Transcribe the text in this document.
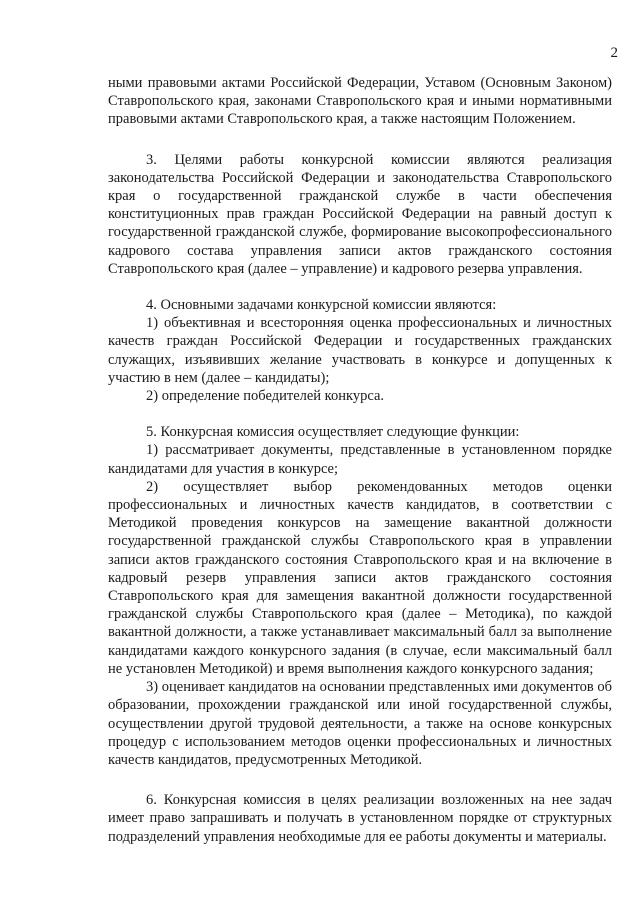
2

ными правовыми актами Российской Федерации, Уставом (Основным Законом) Ставропольского края, законами Ставропольского края и иными нормативными правовыми актами Ставропольского края, а также настоящим Положением.

3. Целями работы конкурсной комиссии являются реализация законодательства Российской Федерации и законодательства Ставропольского края о государственной гражданской службе в части обеспечения конституционных прав граждан Российской Федерации на равный доступ к государственной гражданской службе, формирование высокопрофессионального кадрового состава управления записи актов гражданского состояния Ставропольского края (далее – управление) и кадрового резерва управления.

4. Основными задачами конкурсной комиссии являются:

1) объективная и всесторонняя оценка профессиональных и личностных качеств граждан Российской Федерации и государственных гражданских служащих, изъявивших желание участвовать в конкурсе и допущенных к участию в нем (далее – кандидаты);

2) определение победителей конкурса.

5. Конкурсная комиссия осуществляет следующие функции:

1) рассматривает документы, представленные в установленном порядке кандидатами для участия в конкурсе;

2) осуществляет выбор рекомендованных методов оценки профессиональных и личностных качеств кандидатов, в соответствии с Методикой проведения конкурсов на замещение вакантной должности государственной гражданской службы Ставропольского края в управлении записи актов гражданского состояния Ставропольского края и на включение в кадровый резерв управления записи актов гражданского состояния Ставропольского края для замещения вакантной должности государственной гражданской службы Ставропольского края (далее – Методика), по каждой вакантной должности, а также устанавливает максимальный балл за выполнение кандидатами каждого конкурсного задания (в случае, если максимальный балл не установлен Методикой) и время выполнения каждого конкурсного задания;

3) оценивает кандидатов на основании представленных ими документов об образовании, прохождении гражданской или иной государственной службы, осуществлении другой трудовой деятельности, а также на основе конкурсных процедур с использованием методов оценки профессиональных и личностных качеств кандидатов, предусмотренных Методикой.

6. Конкурсная комиссия в целях реализации возложенных на нее задач имеет право запрашивать и получать в установленном порядке от структурных подразделений управления необходимые для ее работы документы и материалы.
